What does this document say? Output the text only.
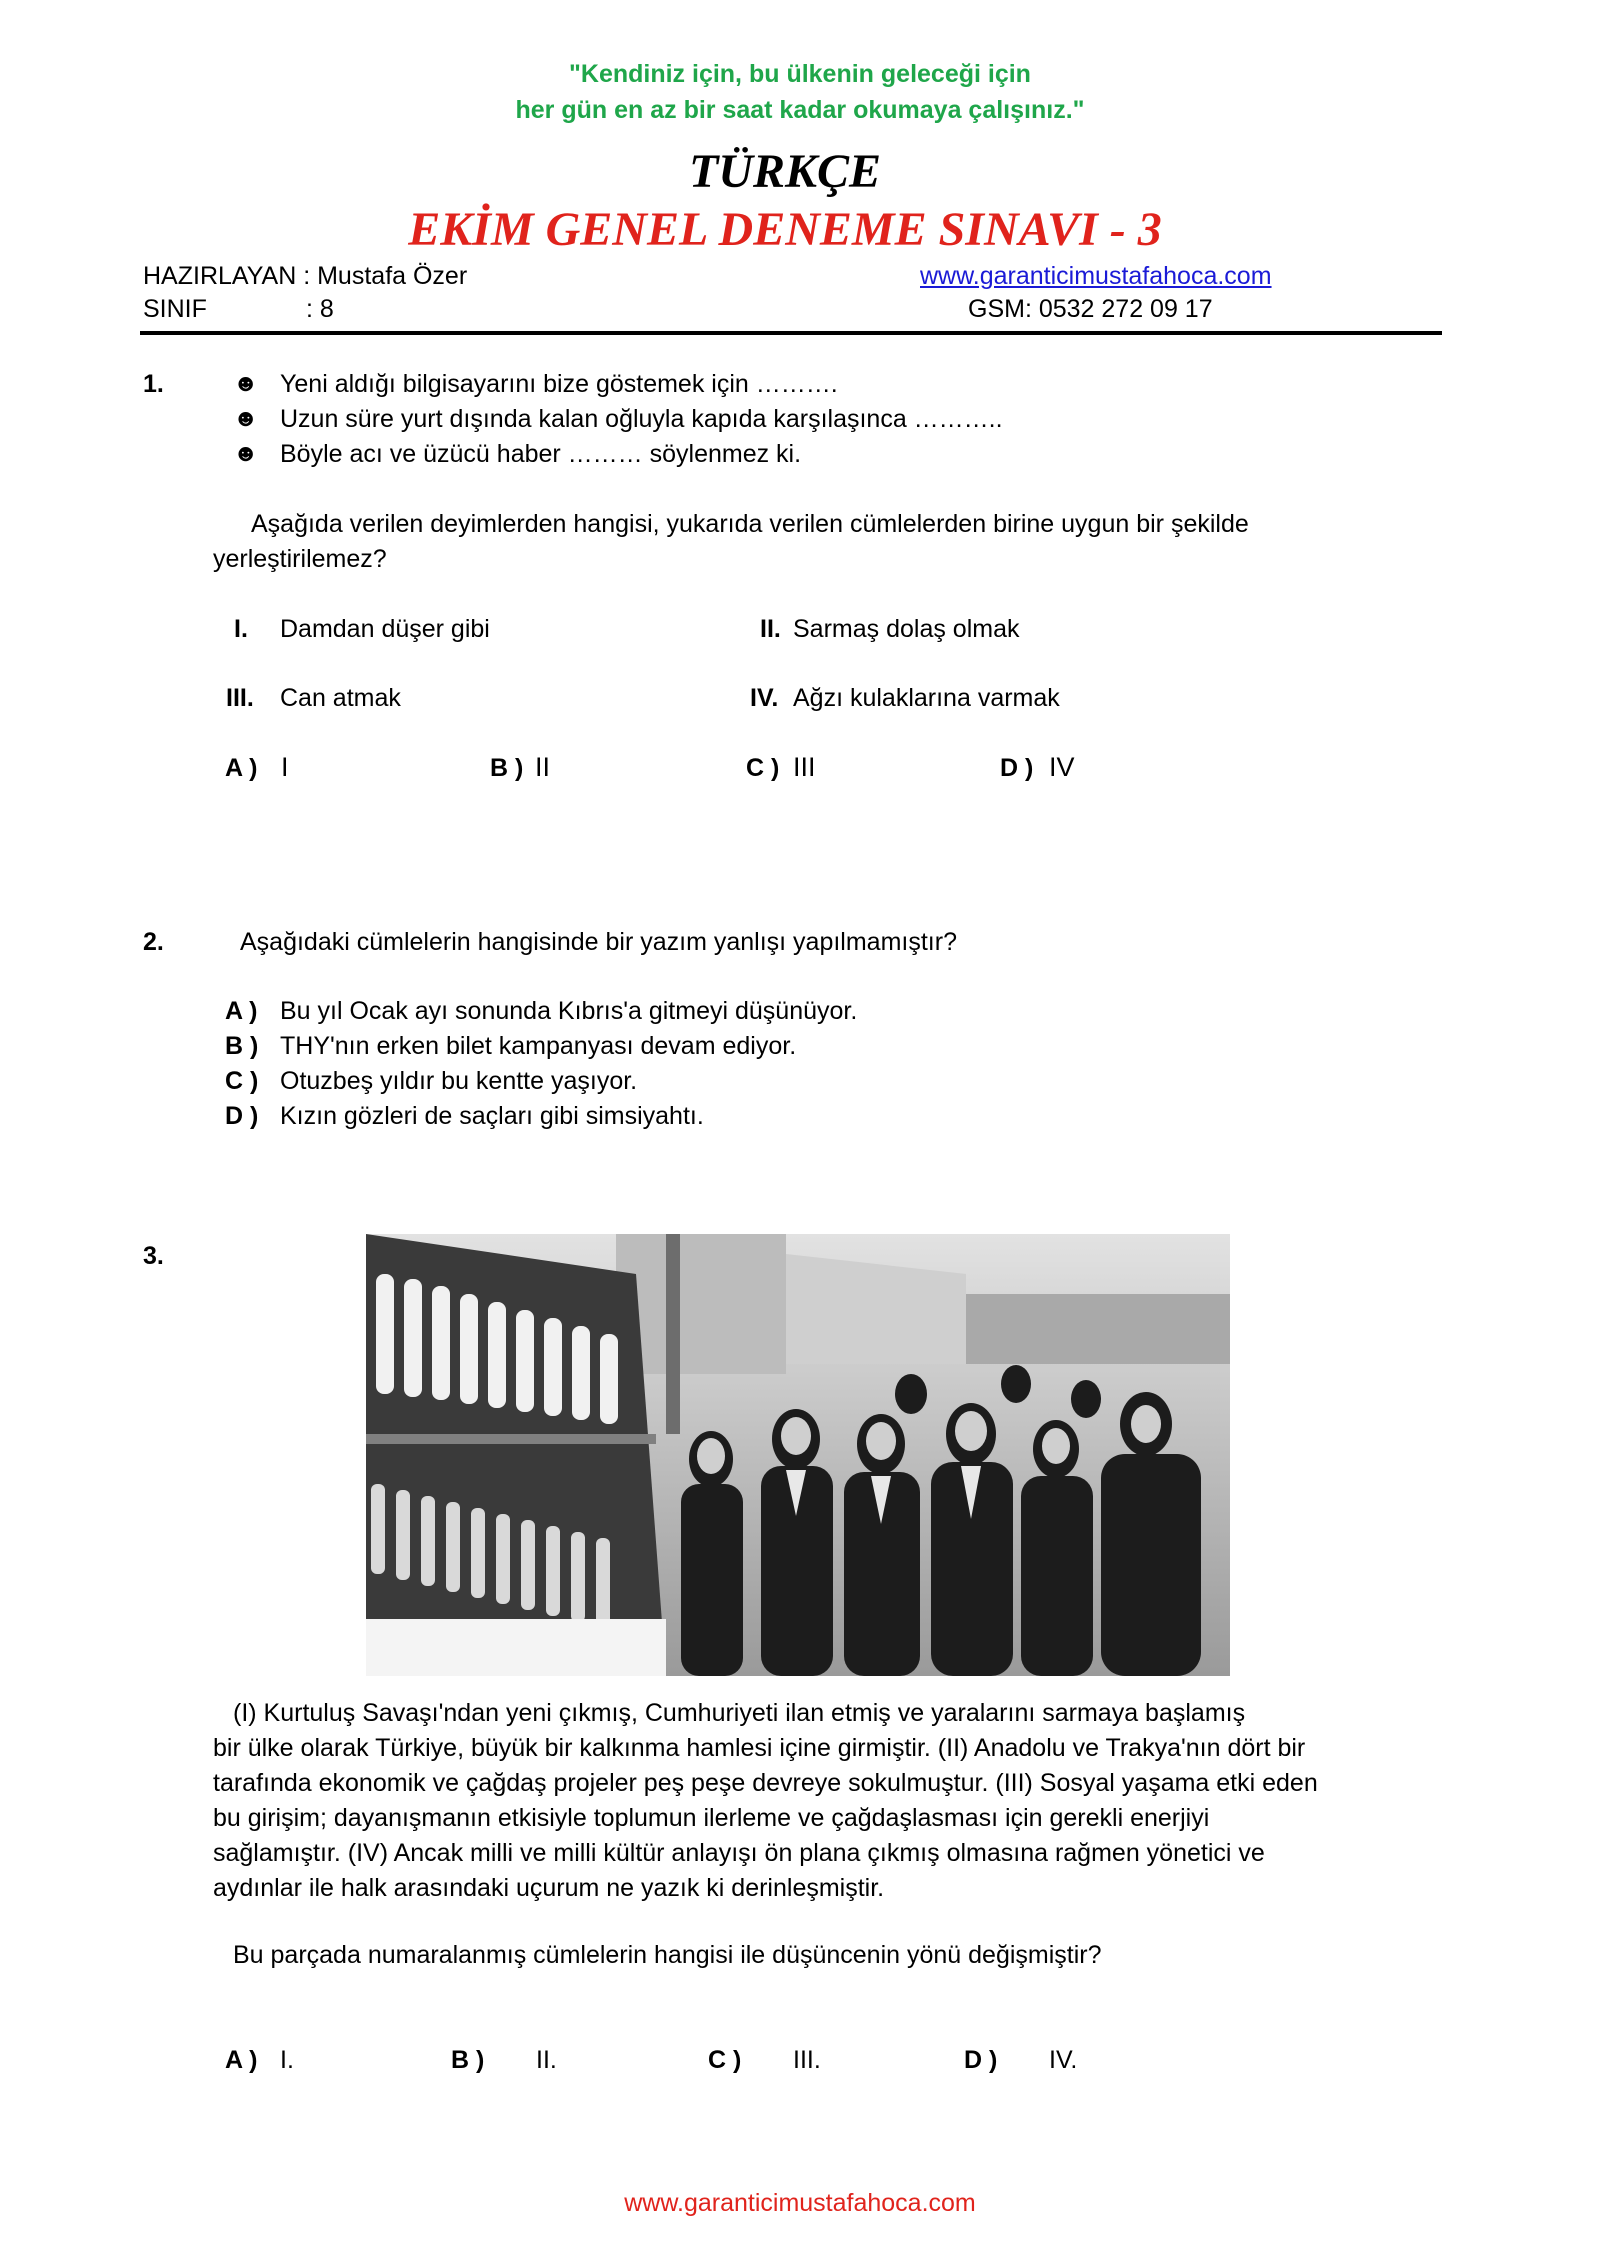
"Kendiniz için, bu ülkenin geleceği için
her gün en az bir saat kadar okumaya çalışınız."
TÜRKÇE
EKİM GENEL DENEME SINAVI - 3
HAZIRLAYAN : Mustafa Özer	www.garanticimustafahoca.com
SINIF	: 8	GSM: 0532 272 09 17
1.	☻ Yeni aldığı bilgisayarını bize göstemek için ……….
☻ Uzun süre yurt dışında kalan oğluyla kapıda karşılaşınca ………..
☻ Böyle acı ve üzücü haber ……… söylenmez ki.
Aşağıda verilen deyimlerden hangisi, yukarıda verilen cümlelerden birine uygun bir şekilde
yerleştirilemez?
I. Damdan düşer gibi	II. Sarmaş dolaş olmak
III. Can atmak	IV. Ağzı kulaklarına varmak
A ) I	B ) II	C ) III	D ) IV
2.	Aşağıdaki cümlelerin hangisinde bir yazım yanlışı yapılmamıştır?
A ) Bu yıl Ocak ayı sonunda Kıbrıs'a gitmeyi düşünüyor.
B ) THY'nın erken bilet kampanyası devam ediyor.
C ) Otuzbeş yıldır bu kentte yaşıyor.
D ) Kızın gözleri de saçları gibi simsiyahtı.
3.
(I) Kurtuluş Savaşı'ndan yeni çıkmış, Cumhuriyeti ilan etmiş ve yaralarını sarmaya başlamış
bir ülke olarak Türkiye, büyük bir kalkınma hamlesi içine girmiştir. (II) Anadolu ve Trakya'nın dört bir
tarafında ekonomik ve çağdaş projeler peş peşe devreye sokulmuştur. (III) Sosyal yaşama etki eden
bu girişim; dayanışmanın etkisiyle toplumun ilerleme ve çağdaşlasması için gerekli enerjiyi
sağlamıştır. (IV) Ancak milli ve milli kültür anlayışı ön plana çıkmış olmasına rağmen yönetici ve
aydınlar ile halk arasındaki uçurum ne yazık ki derinleşmiştir.
Bu parçada numaralanmış cümlelerin hangisi ile düşüncenin yönü değişmiştir?
A ) I.	B ) II.	C ) III.	D ) IV.
www.garanticimustafahoca.com
